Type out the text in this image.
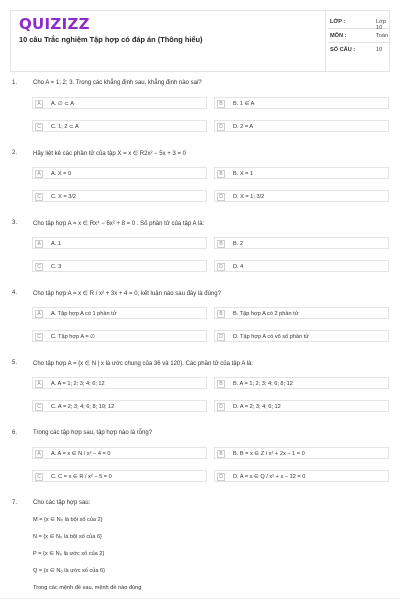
QUIZIZZ
10 câu Trắc nghiệm Tập hợp có đáp án (Thông hiểu)
LỚP :	Lớp 10
MÔN :	Toán
SỐ CÂU :	10
1.	Cho A = 1; 2; 3. Trong các khẳng định sau, khẳng định nào sai?
A	A. ∅ ⊂ A	B	B. 1 ∈ A
C	C. 1; 2 ⊂ A	D	D. 2 = A
2.	Hãy liệt kê các phần tử của tập X = x ∈ R2x² − 5x + 3 = 0
A	A. X = 0	B	B. X = 1
C	C. X = 3/2	D	D. X = 1; 3/2
3.	Cho tập hợp A = x ∈ Rx⁴ − 6x² + 8 = 0 . Số phần tử của tập A là:
A	A. 1	B	B. 2
C	C. 3	D	D. 4
4.	Cho tập hợp A = x ∈ R / x² + 3x + 4 = 0, kết luận nào sau đây là đúng?
A	A. Tập hợp A có 1 phần tử	B	B. Tập hợp A có 2 phần tử
C	C. Tập hợp A = ∅	D	D. Tập hợp A có vô số phần tử
5.	Cho tập hợp A = {x ∈ N | x là ước chung của 36 và 120}. Các phần tử của tập A là:
A	A. A = 1; 2; 3; 4; 6; 12	B	B. A = 1; 2; 3; 4; 6; 8; 12
C	C. A = 2; 3; 4; 6; 8; 10; 12	D	D. A = 2; 3; 4; 6; 12
6.	Trong các tập hợp sau, tập hợp nào là rỗng?
A	A. A = x ∈ N / x² − 4 = 0	B	B. B = x ∈ Z / x² + 2x − 1 = 0
C	C. C = x ∈ R / x² − 5 = 0	D	D. A = x ∈ Q / x² + x − 12 = 0
7.	Cho các tập hợp sau:
M = {x ∈ N₀ là bội số của 2}
N = {x ∈ N₀ là bội số của 6}
P = {x ∈ N₀ là ước số của 2}
Q = {x ∈ N₀ là ước số của 6}
Trong các mệnh đề sau, mệnh đề nào đúng
